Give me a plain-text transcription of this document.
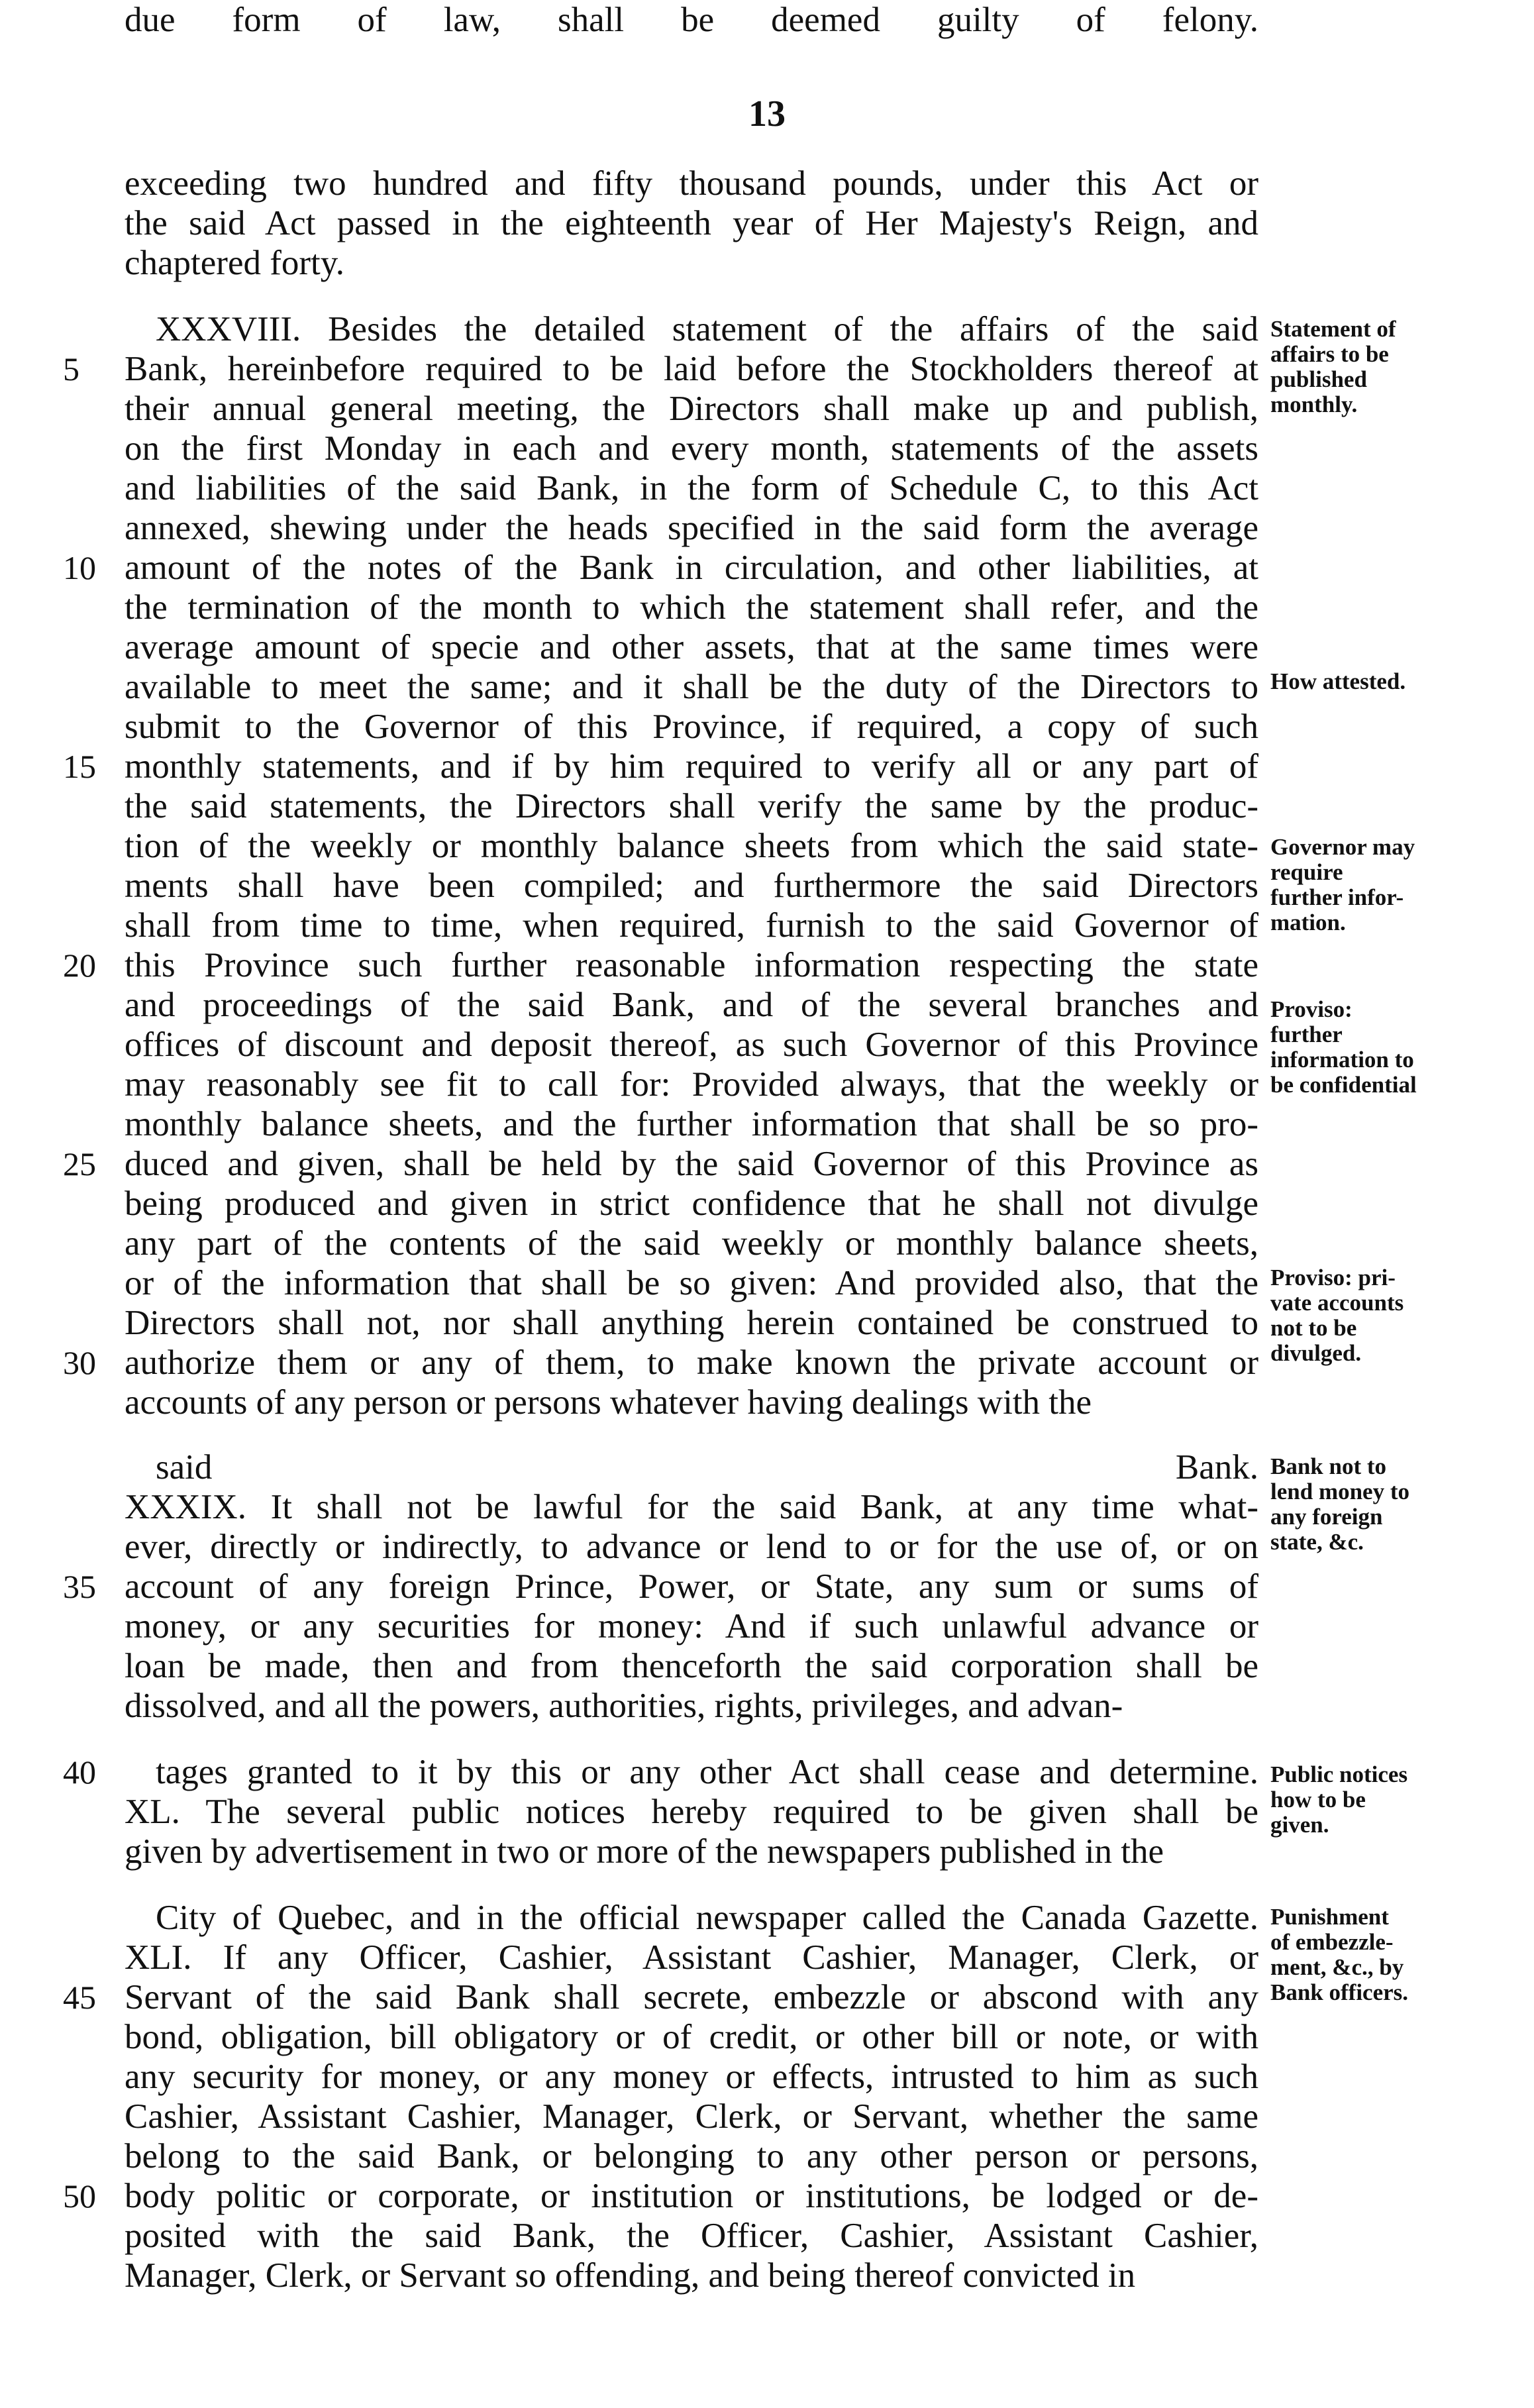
13
exceeding two hundred and fifty thousand pounds, under this Act or
the said Act passed in the eighteenth year of Her Majesty's Reign, and
chaptered forty.
XXXVIII. Besides the detailed statement of the affairs of the said
Bank, hereinbefore required to be laid before the Stockholders thereof at
their annual general meeting, the Directors shall make up and publish,
on the first Monday in each and every month, statements of the assets
and liabilities of the said Bank, in the form of Schedule C, to this Act
annexed, shewing under the heads specified in the said form the average
amount of the notes of the Bank in circulation, and other liabilities, at
the termination of the month to which the statement shall refer, and the
average amount of specie and other assets, that at the same times were
available to meet the same; and it shall be the duty of the Directors to
submit to the Governor of this Province, if required, a copy of such
monthly statements, and if by him required to verify all or any part of
the said statements, the Directors shall verify the same by the produc-
tion of the weekly or monthly balance sheets from which the said state-
ments shall have been compiled; and furthermore the said Directors
shall from time to time, when required, furnish to the said Governor of
this Province such further reasonable information respecting the state
and proceedings of the said Bank, and of the several branches and
offices of discount and deposit thereof, as such Governor of this Province
may reasonably see fit to call for: Provided always, that the weekly or
monthly balance sheets, and the further information that shall be so pro-
duced and given, shall be held by the said Governor of this Province as
being produced and given in strict confidence that he shall not divulge
any part of the contents of the said weekly or monthly balance sheets,
or of the information that shall be so given: And provided also, that the
Directors shall not, nor shall anything herein contained be construed to
authorize them or any of them, to make known the private account or
accounts of any person or persons whatever having dealings with the
said Bank.
XXXIX. It shall not be lawful for the said Bank, at any time what-
ever, directly or indirectly, to advance or lend to or for the use of, or on
account of any foreign Prince, Power, or State, any sum or sums of
money, or any securities for money: And if such unlawful advance or
loan be made, then and from thenceforth the said corporation shall be
dissolved, and all the powers, authorities, rights, privileges, and advan-
tages granted to it by this or any other Act shall cease and determine.
XL. The several public notices hereby required to be given shall be
given by advertisement in two or more of the newspapers published in the
City of Quebec, and in the official newspaper called the Canada Gazette.
XLI. If any Officer, Cashier, Assistant Cashier, Manager, Clerk, or
Servant of the said Bank shall secrete, embezzle or abscond with any
bond, obligation, bill obligatory or of credit, or other bill or note, or with
any security for money, or any money or effects, intrusted to him as such
Cashier, Assistant Cashier, Manager, Clerk, or Servant, whether the same
belong to the said Bank, or belonging to any other person or persons,
body politic or corporate, or institution or institutions, be lodged or de-
posited with the said Bank, the Officer, Cashier, Assistant Cashier,
Manager, Clerk, or Servant so offending, and being thereof convicted in
due form of law, shall be deemed guilty of felony.
5
10
15
20
25
30
35
40
45
50
Statement of
affairs to be
published
monthly.
How attested.
Governor may
require
further infor-
mation.
Proviso:
further
information to
be confidential
Proviso: pri-
vate accounts
not to be
divulged.
Bank not to
lend money to
any foreign
state, &c.
Public notices
how to be
given.
Punishment
of embezzle-
ment, &c., by
Bank officers.
